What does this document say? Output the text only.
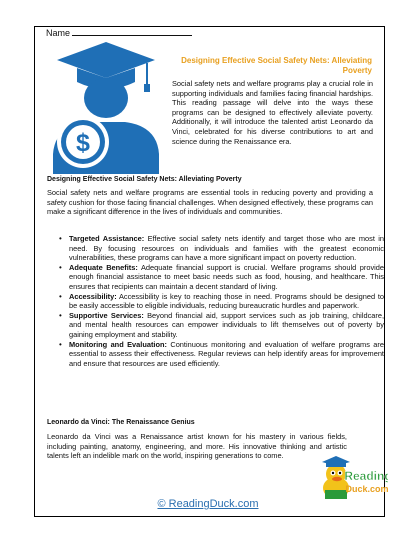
Name
$
Designing Effective Social Safety Nets: Alleviating Poverty
Social safety nets and welfare programs play a crucial role in supporting individuals and families facing financial hardships. This reading passage will delve into the ways these programs can be designed to effectively alleviate poverty. Additionally, it will introduce the talented artist Leonardo da Vinci, celebrated for his diverse contributions to art and science during the Renaissance era.
Designing Effective Social Safety Nets: Alleviating Poverty
Social safety nets and welfare programs are essential tools in reducing poverty and providing a safety cushion for those facing financial challenges. When designed effectively, these programs can make a significant difference in the lives of individuals and communities.
• Targeted Assistance: Effective social safety nets identify and target those who are most in need. By focusing resources on individuals and families with the greatest economic vulnerabilities, these programs can have a more significant impact on poverty reduction.
• Adequate Benefits: Adequate financial support is crucial. Welfare programs should provide enough financial assistance to meet basic needs such as food, housing, and healthcare. This ensures that recipients can maintain a decent standard of living.
• Accessibility: Accessibility is key to reaching those in need. Programs should be designed to be easily accessible to eligible individuals, reducing bureaucratic hurdles and paperwork.
• Supportive Services: Beyond financial aid, support services such as job training, childcare, and mental health resources can empower individuals to lift themselves out of poverty by gaining employment and stability.
• Monitoring and Evaluation: Continuous monitoring and evaluation of welfare programs are essential to assess their effectiveness. Regular reviews can help identify areas for improvement and ensure that resources are used efficiently.
Leonardo da Vinci: The Renaissance Genius
Leonardo da Vinci was a Renaissance artist known for his mastery in various fields, including painting, anatomy, engineering, and more. His innovative thinking and artistic talents left an indelible mark on the world, inspiring generations to come.
Reading
Duck.com
© ReadingDuck.com
